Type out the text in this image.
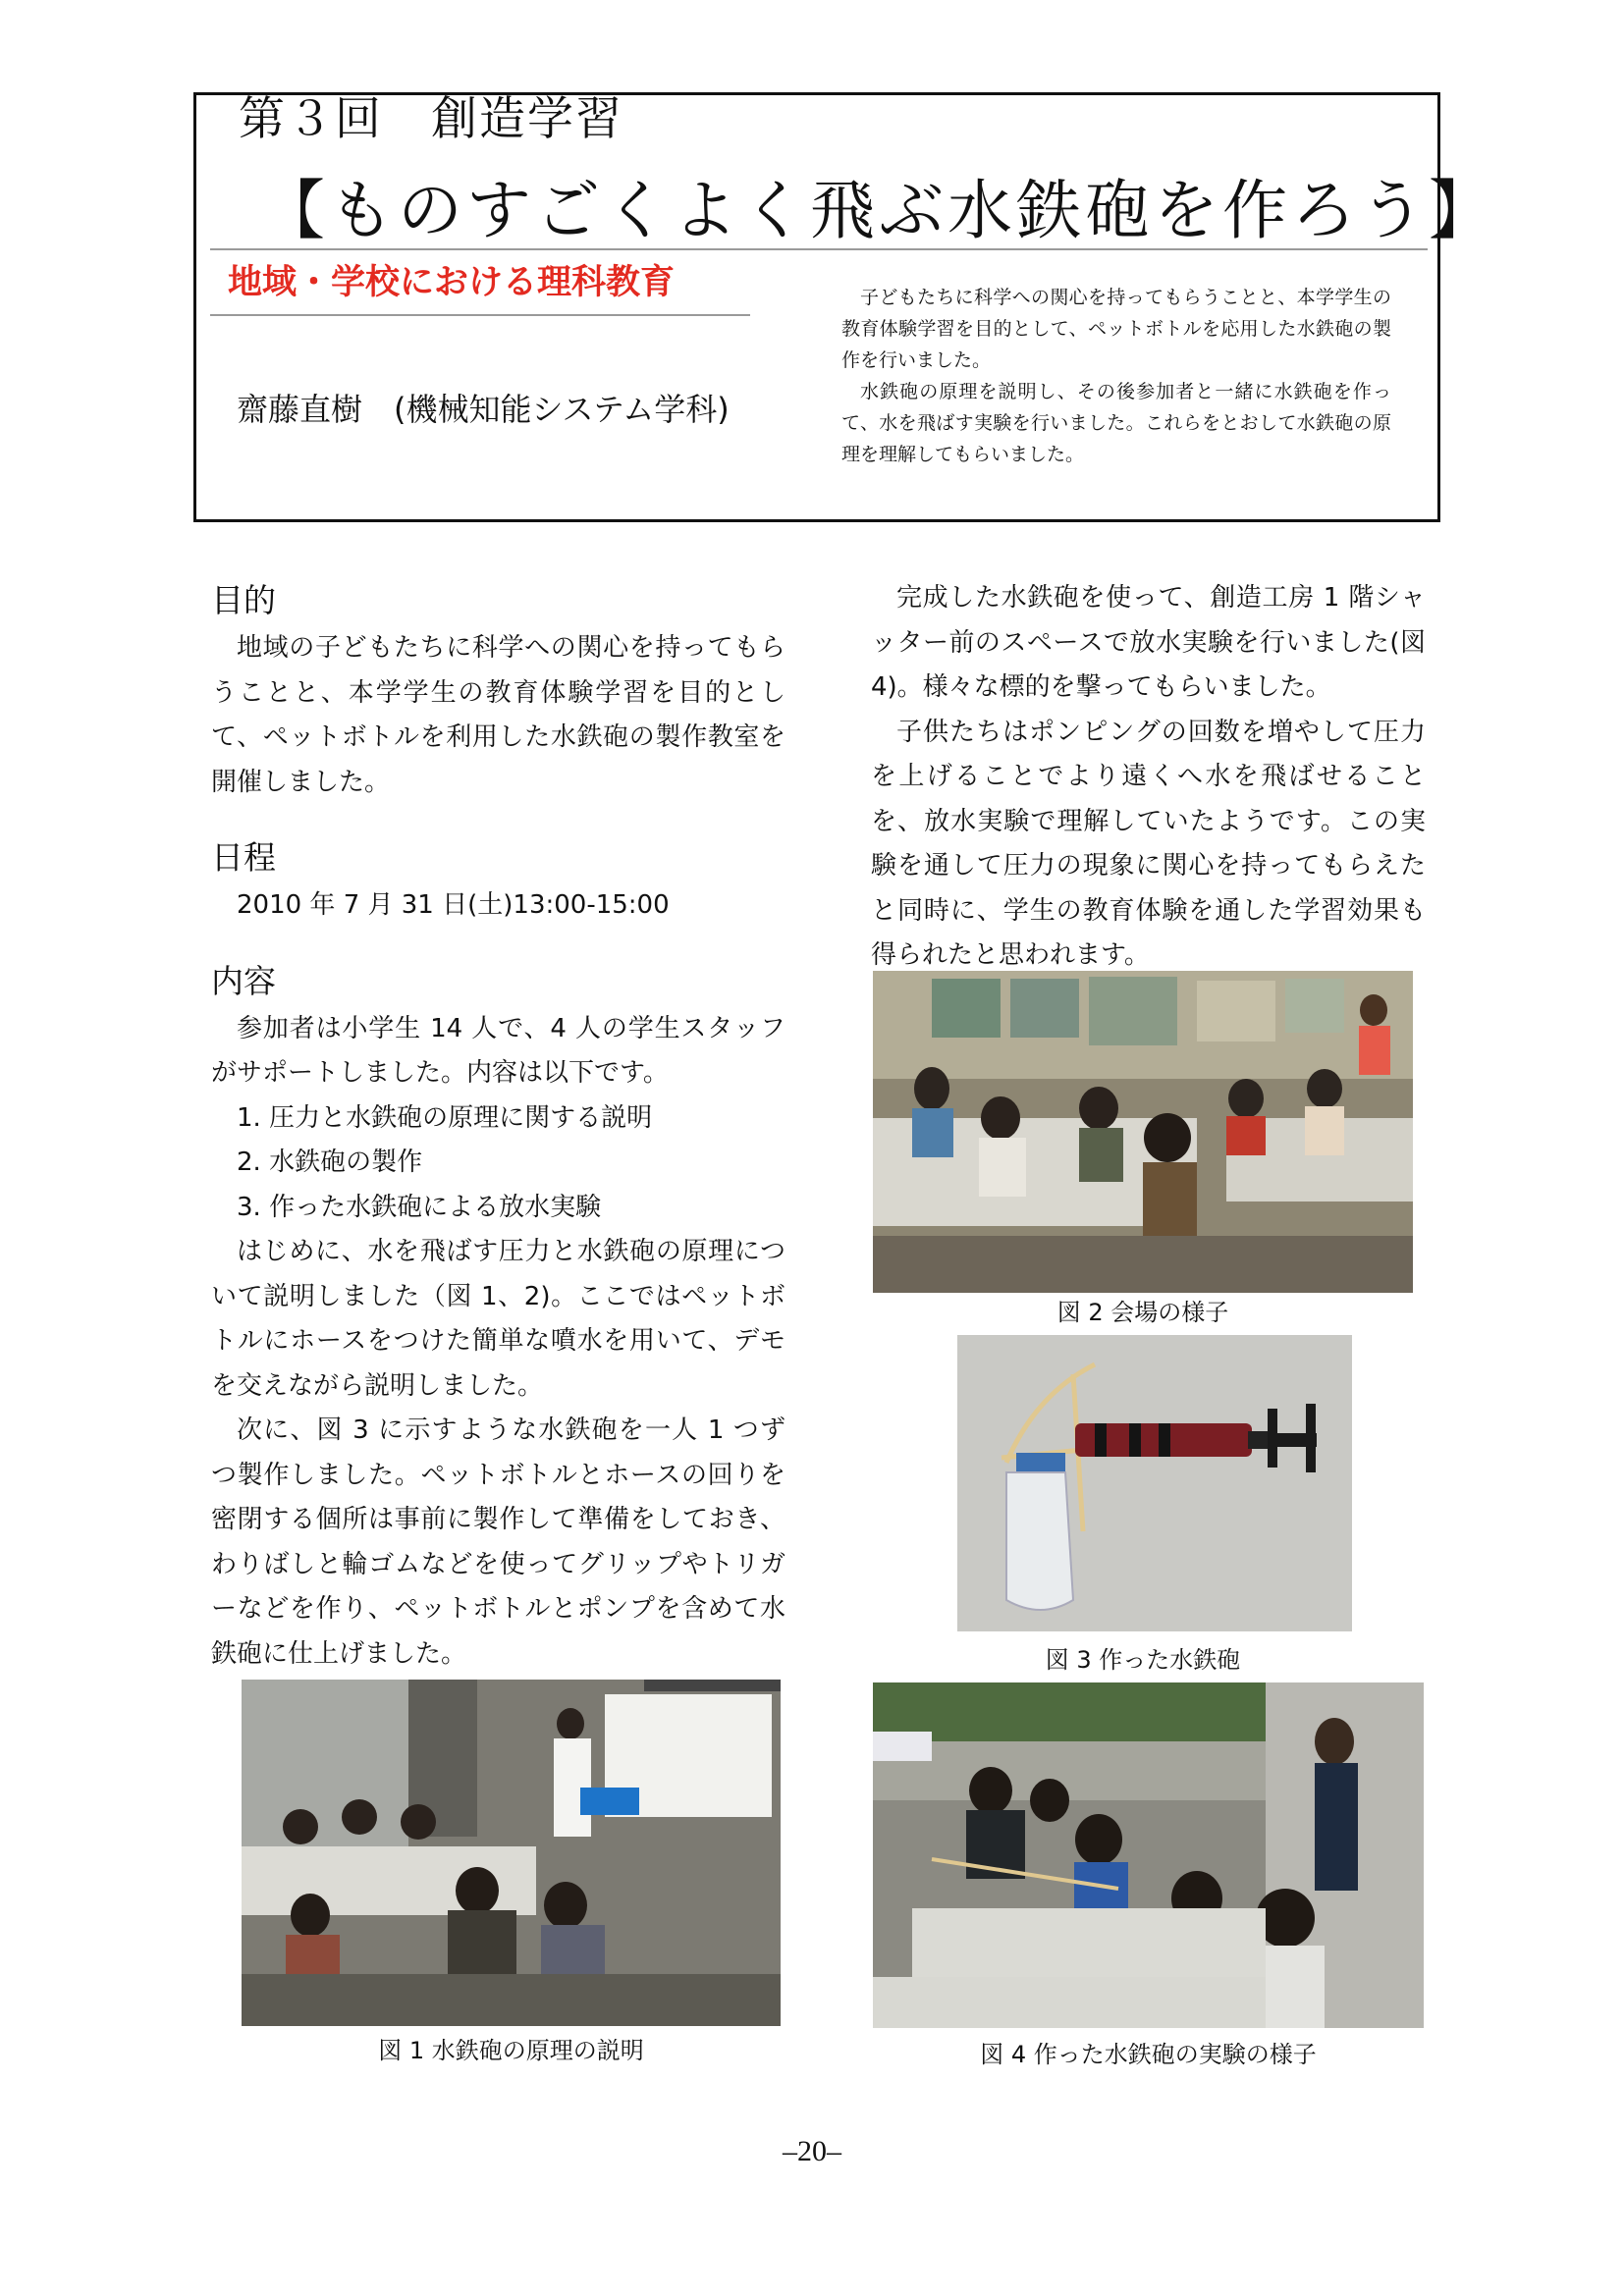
第３回　創造学習
【ものすごくよく飛ぶ水鉄砲を作ろう】
地域・学校における理科教育
齋藤直樹　(機械知能システム学科)

子どもたちに科学への関心を持ってもらうことと、本学学生の教育体験学習を目的として、ペットボトルを応用した水鉄砲の製作を行いました。

水鉄砲の原理を説明し、その後参加者と一緒に水鉄砲を作って、水を飛ばす実験を行いました。これらをとおして水鉄砲の原理を理解してもらいました。

目的

地域の子どもたちに科学への関心を持ってもらうことと、本学学生の教育体験学習を目的として、ペットボトルを利用した水鉄砲の製作教室を開催しました。

日程

2010 年 7 月 31 日(土)13:00-15:00

内容

参加者は小学生 14 人で、4 人の学生スタッフがサポートしました。内容は以下です。

1. 圧力と水鉄砲の原理に関する説明

2. 水鉄砲の製作

3. 作った水鉄砲による放水実験

はじめに、水を飛ばす圧力と水鉄砲の原理について説明しました（図 1、2)。ここではペットボトルにホースをつけた簡単な噴水を用いて、デモを交えながら説明しました。

次に、図 3 に示すような水鉄砲を一人 1 つずつ製作しました。ペットボトルとホースの回りを密閉する個所は事前に製作して準備をしておき、わりばしと輪ゴムなどを使ってグリップやトリガーなどを作り、ペットボトルとポンプを含めて水鉄砲に仕上げました。

完成した水鉄砲を使って、創造工房 1 階シャッター前のスペースで放水実験を行いました(図 4)。様々な標的を撃ってもらいました。

子供たちはポンピングの回数を増やして圧力を上げることでより遠くへ水を飛ばせることを、放水実験で理解していたようです。この実験を通して圧力の現象に関心を持ってもらえたと同時に、学生の教育体験を通した学習効果も得られたと思われます。

図 2 会場の様子
図 3 作った水鉄砲
図 1 水鉄砲の原理の説明	図 4 作った水鉄砲の実験の様子
–20–
